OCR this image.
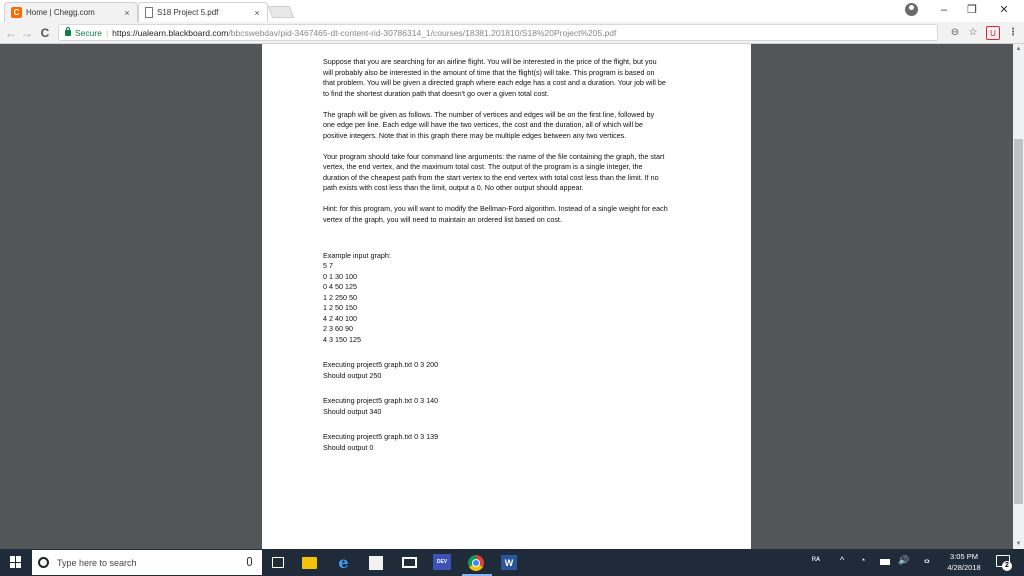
C Home | Chegg.com	×	S18 Project 5.pdf	×	–	❐	✕
← → C	Secure | https://ualearn.blackboard.com /bbcswebdav/pid-3467465-dt-content-rid-30786314_1/courses/18381.201810/S18%20Project%205.pdf	⊖ ☆	U	⋮

Suppose that you are searching for an airline flight. You will be interested in the price of the flight, but you will probably also be interested in the amount of time that the flight(s) will take. This program is based on that problem. You will be given a directed graph where each edge has a cost and a duration. Your job will be to find the shortest duration path that doesn't go over a given total cost.

The graph will be given as follows. The number of vertices and edges will be on the first line, followed by one edge per line. Each edge will have the two vertices, the cost and the duration, all of which will be positive integers. Note that in this graph there may be multiple edges between any two vertices.

Your program should take four command line arguments: the name of the file containing the graph, the start vertex, the end vertex, and the maximum total cost. The output of the program is a single integer, the duration of the cheapest path from the start vertex to the end vertex with total cost less than the limit. If no path exists with cost less than the limit, output a 0. No other output should appear.

Hint: for this program, you will want to modify the Bellman-Ford algorithm. Instead of a single weight for each vertex of the graph, you will need to maintain an ordered list based on cost.

Example input graph:

5 7

0 1 30 100

0 4 50 125

1 2 250 50

1 2 50 150

4 2 40 100

2 3 60 90

4 3 150 125

Executing project5 graph.txt 0 3 200

Should output 250

Executing project5 graph.txt 0 3 140

Should output 340

Executing project5 graph.txt 0 3 139

Should output 0

▲
▼
Type here to search	e	DEV	W	ᴿᴬ ^ ◔	🔊 ⴰ	3:05 PM
4/28/2018	2
